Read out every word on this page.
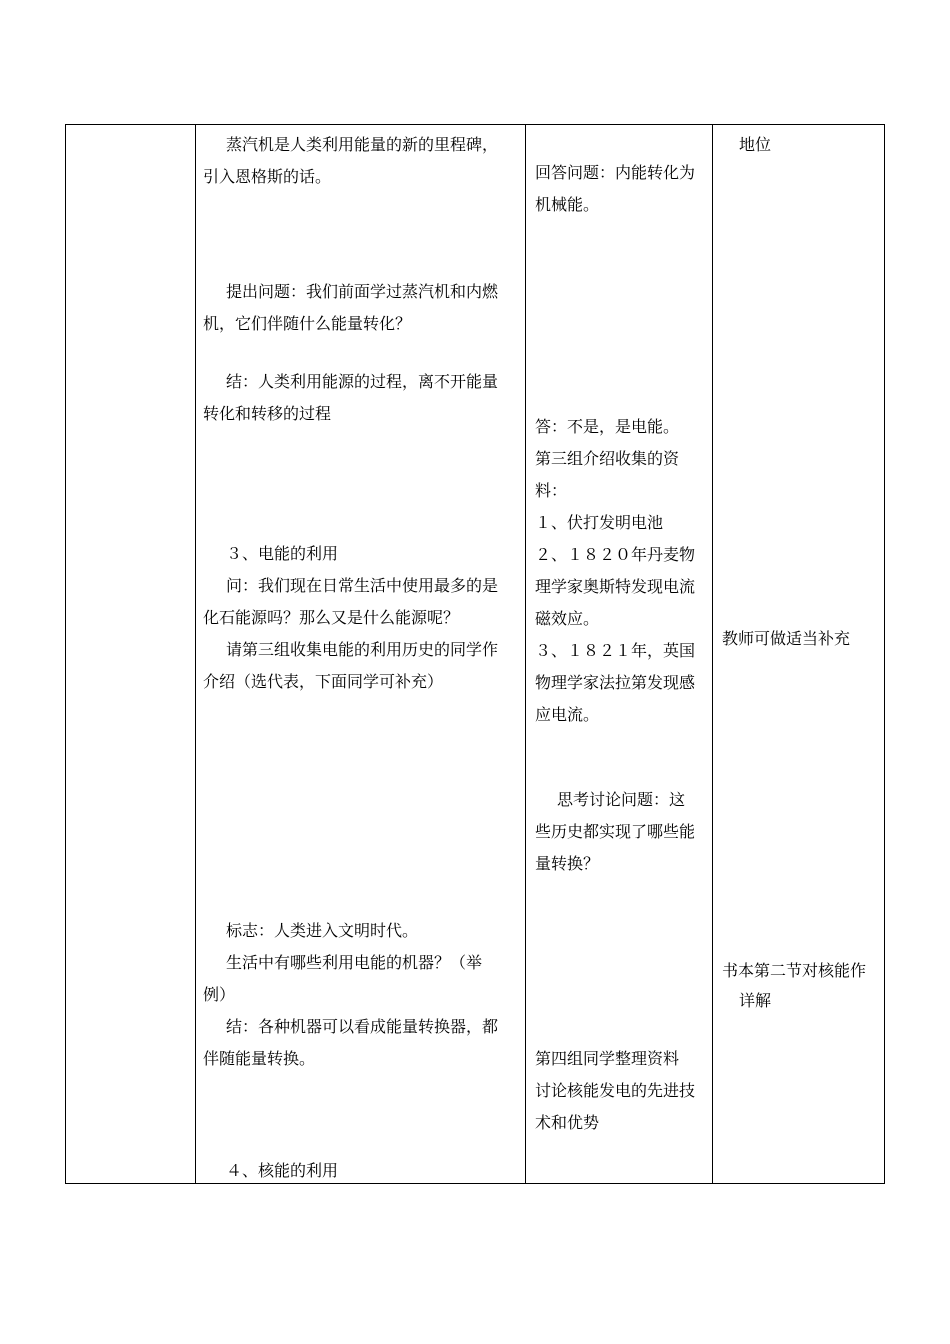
蒸汽机是人类利用能量的新的里程碑，
引入恩格斯的话。
提出问题：我们前面学过蒸汽机和内燃
机，它们伴随什么能量转化？
结：人类利用能源的过程，离不开能量
转化和转移的过程
３、电能的利用
问：我们现在日常生活中使用最多的是
化石能源吗？那么又是什么能源呢？
请第三组收集电能的利用历史的同学作
介绍（选代表，下面同学可补充）
标志：人类进入文明时代。
生活中有哪些利用电能的机器？（举
例）
结：各种机器可以看成能量转换器，都
伴随能量转换。
４、核能的利用
回答问题：内能转化为
机械能。
答：不是，是电能。
第三组介绍收集的资
料：
１、伏打发明电池
２、１８２０年丹麦物
理学家奥斯特发现电流
磁效应。
３、１８２１年，英国
物理学家法拉第发现感
应电流。
思考讨论问题：这
些历史都实现了哪些能
量转换？
第四组同学整理资料
讨论核能发电的先进技
术和优势
地位
教师可做适当补充
书本第二节对核能作
详解
